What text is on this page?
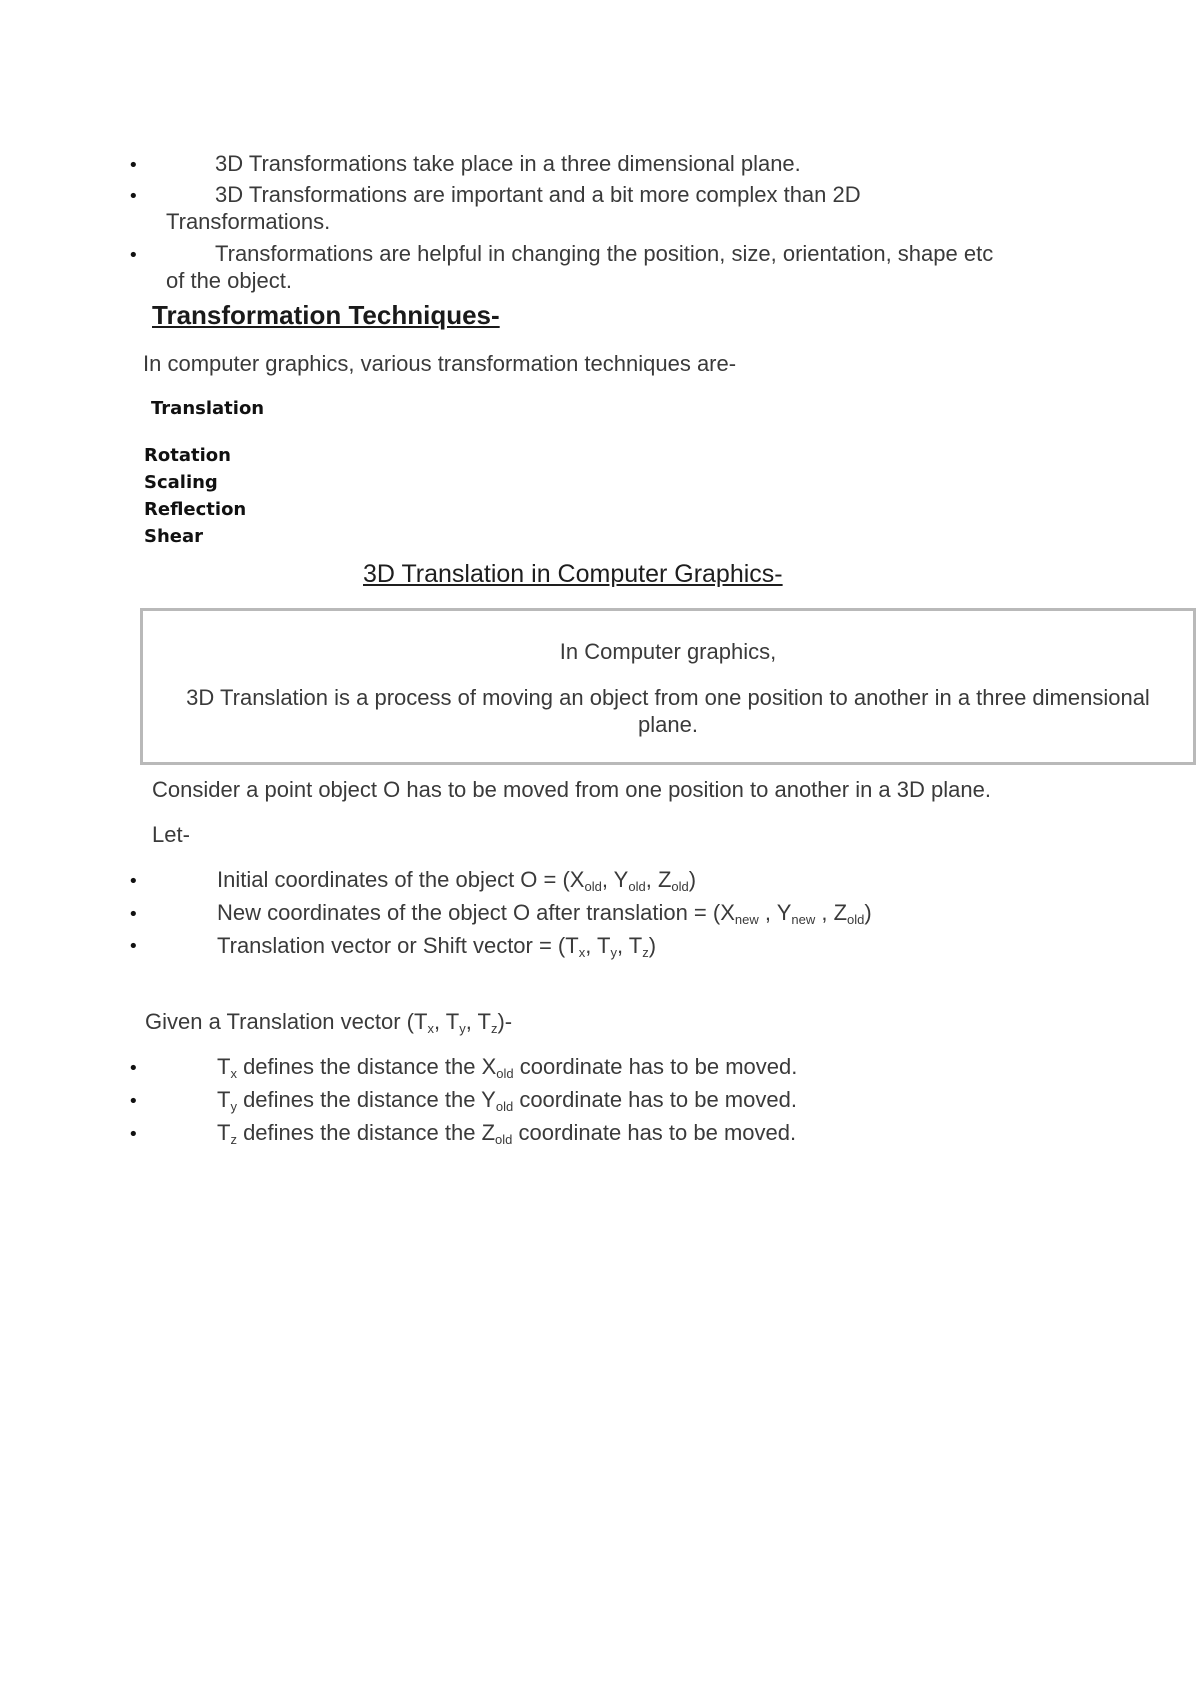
•	3D Transformations take place in a three dimensional plane.
•	3D Transformations are important and a bit more complex than 2D
Transformations.
•	Transformations are helpful in changing the position, size, orientation, shape etc
of the object.
Transformation Techniques-
In computer graphics, various transformation techniques are-
Translation
Rotation
Scaling
Reflection
Shear
3D Translation in Computer Graphics-
In Computer graphics,
3D Translation is a process of moving an object from one position to another in a three dimensional plane.
Consider a point object O has to be moved from one position to another in a 3D plane.
Let-
•	Initial coordinates of the object $O = (X_{old}$, $Y_{old}$, $Z_{old}$)
•	New coordinates of the object O after translation = ($X_{new}$ , $Y_{new}$ , $Z_{old}$)
•	Translation vector or Shift vector = ($T_x$, $T_y$, $T_z$)
Given a Translation vector ($T_x$, $T_y$, $T_z)-$
•	$T_x$ defines the distance the $X_{old}$ coordinate has to be moved.
•	$T_y$ defines the distance the $Y_{old}$ coordinate has to be moved.
•	$T_z$ defines the distance the $Z_{old}$ coordinate has to be moved.
